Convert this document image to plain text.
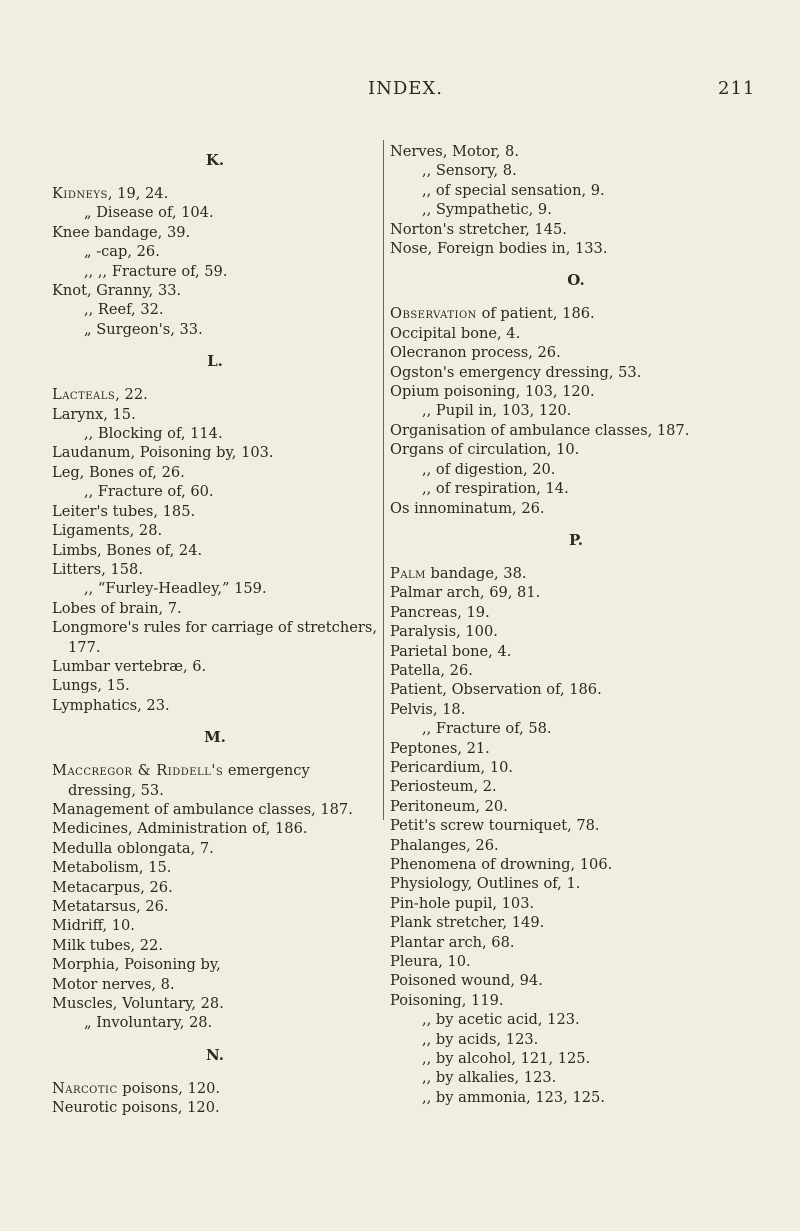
INDEX.	211
K.
Kidneys, 19, 24.
„ Disease of, 104.
Knee bandage, 39.
„ -cap, 26.
,, ,, Fracture of, 59.
Knot, Granny, 33.
,, Reef, 32.
„ Surgeon's, 33.
L.
Lacteals, 22.
Larynx, 15.
,, Blocking of, 114.
Laudanum, Poisoning by, 103.
Leg, Bones of, 26.
,, Fracture of, 60.
Leiter's tubes, 185.
Ligaments, 28.
Limbs, Bones of, 24.
Litters, 158.
,, “Furley-Headley,” 159.
Lobes of brain, 7.
Longmore's rules for carriage of stretchers, 177.
Lumbar vertebræ, 6.
Lungs, 15.
Lymphatics, 23.
M.
Maccregor & Riddell's emergency dressing, 53.
Management of ambulance classes, 187.
Medicines, Administration of, 186.
Medulla oblongata, 7.
Metabolism, 15.
Metacarpus, 26.
Metatarsus, 26.
Midriff, 10.
Milk tubes, 22.
Morphia, Poisoning by,
Motor nerves, 8.
Muscles, Voluntary, 28.
„ Involuntary, 28.
N.
Narcotic poisons, 120.
Neurotic poisons, 120.
Nerves, Motor, 8.
,, Sensory, 8.
,, of special sensation, 9.
,, Sympathetic, 9.
Norton's stretcher, 145.
Nose, Foreign bodies in, 133.
O.
Observation of patient, 186.
Occipital bone, 4.
Olecranon process, 26.
Ogston's emergency dressing, 53.
Opium poisoning, 103, 120.
,, Pupil in, 103, 120.
Organisation of ambulance classes, 187.
Organs of circulation, 10.
,, of digestion, 20.
,, of respiration, 14.
Os innominatum, 26.
P.
Palm bandage, 38.
Palmar arch, 69, 81.
Pancreas, 19.
Paralysis, 100.
Parietal bone, 4.
Patella, 26.
Patient, Observation of, 186.
Pelvis, 18.
,, Fracture of, 58.
Peptones, 21.
Pericardium, 10.
Periosteum, 2.
Peritoneum, 20.
Petit's screw tourniquet, 78.
Phalanges, 26.
Phenomena of drowning, 106.
Physiology, Outlines of, 1.
Pin-hole pupil, 103.
Plank stretcher, 149.
Plantar arch, 68.
Pleura, 10.
Poisoned wound, 94.
Poisoning, 119.
,, by acetic acid, 123.
,, by acids, 123.
,, by alcohol, 121, 125.
,, by alkalies, 123.
,, by ammonia, 123, 125.
